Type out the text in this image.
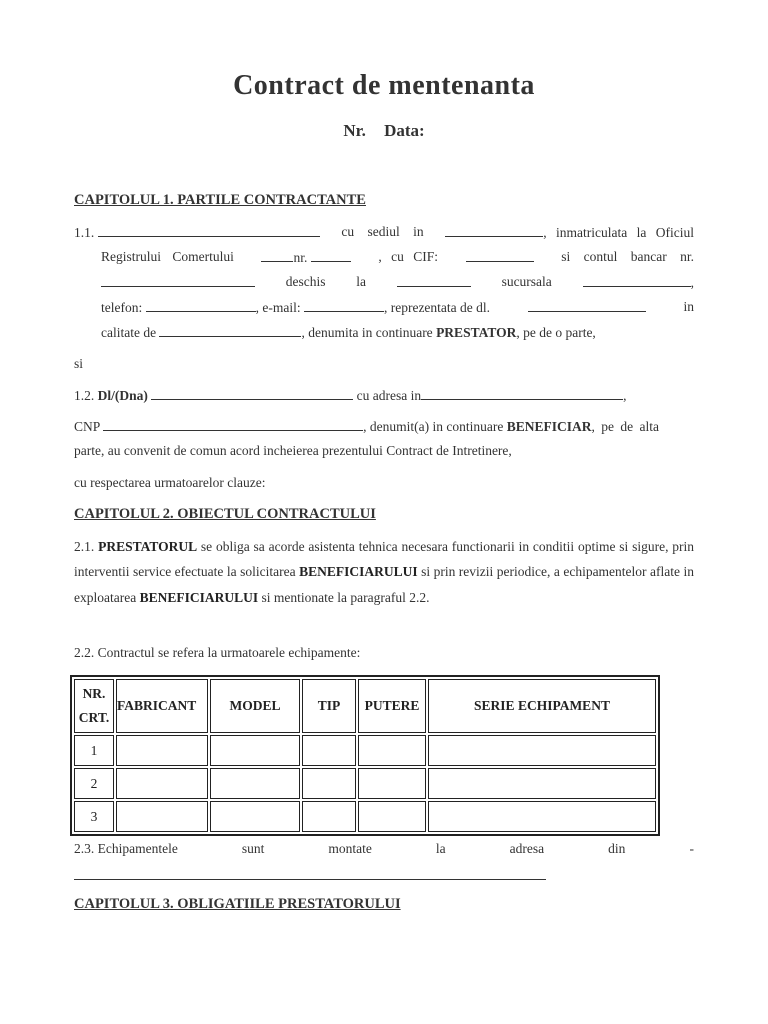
Contract de mentenanta
Nr. Data:
CAPITOLUL 1. PARTILE CONTRACTANTE
1.1.	cu sediul in	, inmatriculata la Oficiul
Registrului Comertului	nr.	, cu CIF:	si contul bancar nr.
deschis la	sucursala	,
telefon:	, e-mail:	, reprezentata de dl.	in
calitate de	, denumita in continuare PRESTATOR, pe de o parte,
si
1.2. Dl/(Dna)	cu adresa in	,
CNP	, denumit(a) in continuare BENEFICIAR, pe de alta
parte, au convenit de comun acord incheierea prezentului Contract de Intretinere,
cu respectarea urmatoarelor clauze:
CAPITOLUL 2. OBIECTUL CONTRACTULUI
2.1. PRESTATORUL se obliga sa acorde asistenta tehnica necesara functionarii in conditii optime si sigure, prin interventii service efectuate la solicitarea BENEFICIARULUI si prin revizii periodice, a echipamentelor aflate in exploatarea BENEFICIARULUI si mentionate la paragraful 2.2.
2.2. Contractul se refera la urmatoarele echipamente:
NR.
CRT.	FABRICANT	MODEL	TIP	PUTERE	SERIE ECHIPAMENT
1					
2					
3					
2.3. Echipamentele	sunt	montate	la	adresa	din	-
CAPITOLUL 3. OBLIGATIILE PRESTATORULUI
